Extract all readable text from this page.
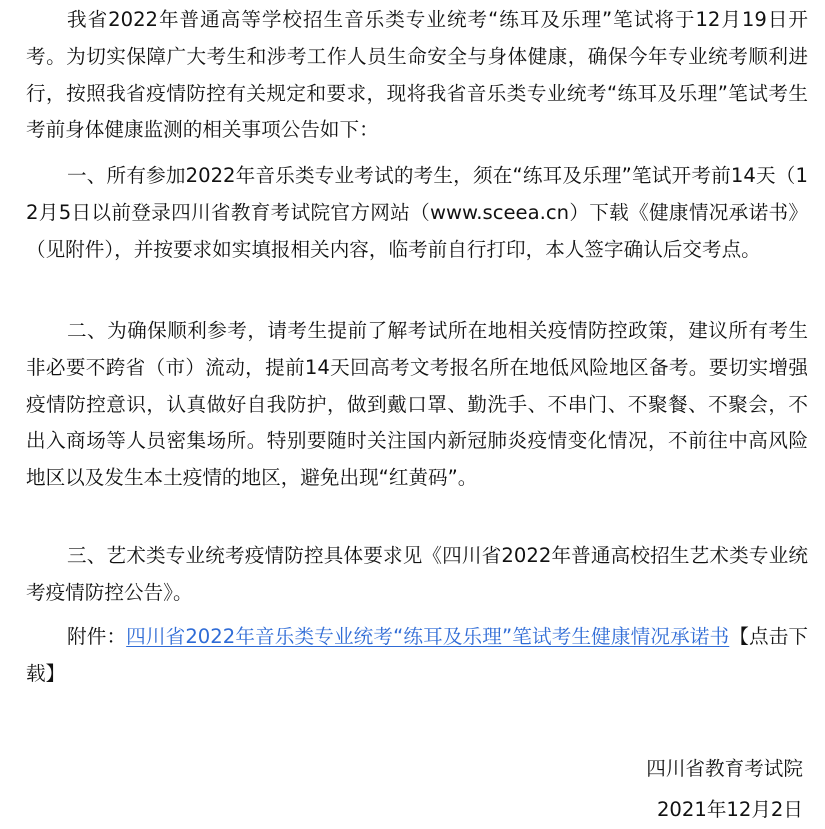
我省2022年普通高等学校招生音乐类专业统考“练耳及乐理”笔试将于12月19日开考。为切实保障广大考生和涉考工作人员生命安全与身体健康，确保今年专业统考顺利进行，按照我省疫情防控有关规定和要求，现将我省音乐类专业统考“练耳及乐理”笔试考生考前身体健康监测的相关事项公告如下：

一、所有参加2022年音乐类专业考试的考生，须在“练耳及乐理”笔试开考前14天（12月5日以前登录四川省教育考试院官方网站（www.sceea.cn）下载《健康情况承诺书》（见附件），并按要求如实填报相关内容，临考前自行打印，本人签字确认后交考点。

二、为确保顺利参考，请考生提前了解考试所在地相关疫情防控政策，建议所有考生非必要不跨省（市）流动，提前14天回高考文考报名所在地低风险地区备考。要切实增强疫情防控意识，认真做好自我防护，做到戴口罩、勤洗手、不串门、不聚餐、不聚会，不出入商场等人员密集场所。特别要随时关注国内新冠肺炎疫情变化情况，不前往中高风险地区以及发生本土疫情的地区，避免出现“红黄码”。

三、艺术类专业统考疫情防控具体要求见《四川省2022年普通高校招生艺术类专业统考疫情防控公告》。

附件：四川省2022年音乐类专业统考“练耳及乐理”笔试考生健康情况承诺书【点击下载】

四川省教育考试院
2021年12月2日
